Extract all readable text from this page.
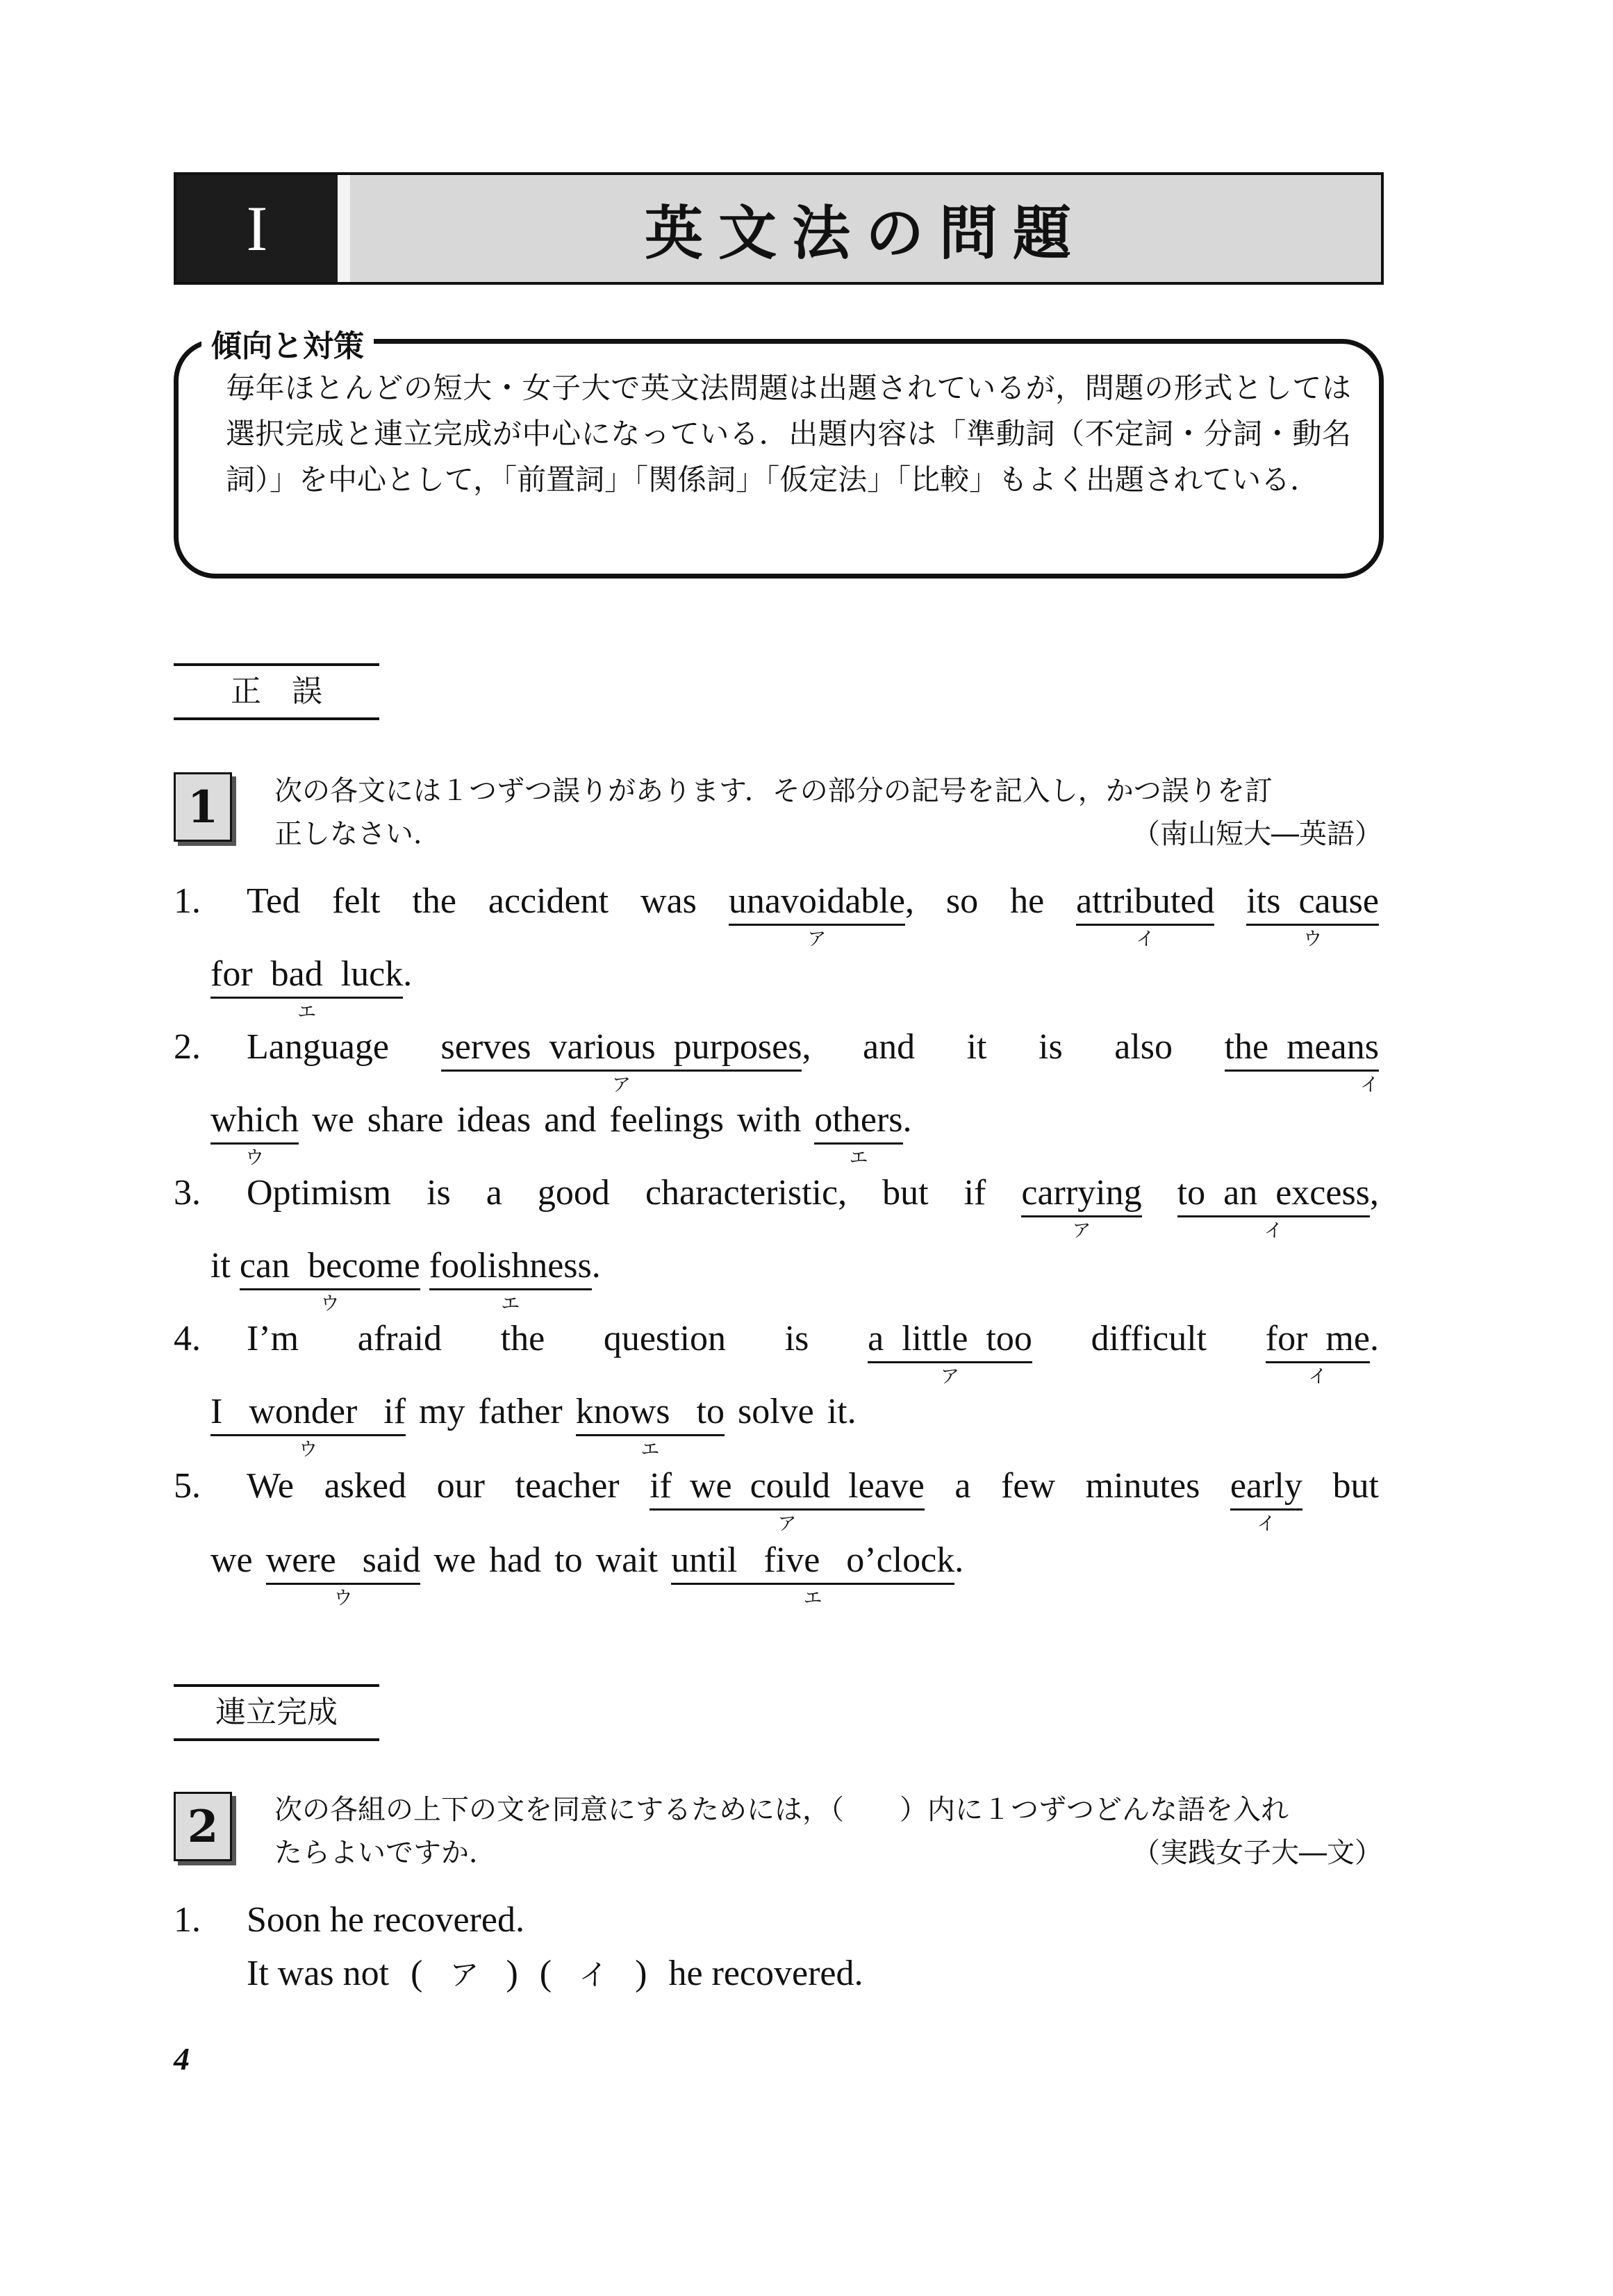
I	英文法の問題
傾向と対策
毎年ほとんどの短大・女子大で英文法問題は出題されているが，問題の形式としては選択完成と連立完成が中心になっている．出題内容は「準動詞（不定詞・分詞・動名詞）」を中心として，「前置詞」「関係詞」「仮定法」「比較」もよく出題されている．
正　誤
1 次の各文には１つずつ誤りがあります．その部分の記号を記入し，かつ誤りを訂
正しなさい．	（南山短大―英語）
1. Ted felt the accident was unavoidable
ア
, so he attributed
イ
its  cause
ウ
for  bad  luck
エ
.
2. Language serves  various  purposes
ア
, and it is also the  means
イ
which
ウ
we share ideas and feelings with others
エ
.
3. Optimism is a good characteristic, but if carrying
ア
to  an  excess
イ
,
it can  become
ウ
foolishness
エ
.
4. I’m afraid the question is a  little  too
ア
difficult for  me
イ
.
I  wonder  if
ウ
my father knows  to
エ
solve it.
5. We asked our teacher if  we  could  leave
ア
a few minutes early
イ
but
we were  said
ウ
we had to wait until  five  o’clock
エ
.
連立完成
2 次の各組の上下の文を同意にするためには，（　　）内に１つずつどんな語を入れ
たらよいですか．	（実践女子大―文）
1. Soon he recovered.
It was not ( ア ) ( イ ) he recovered.
4
